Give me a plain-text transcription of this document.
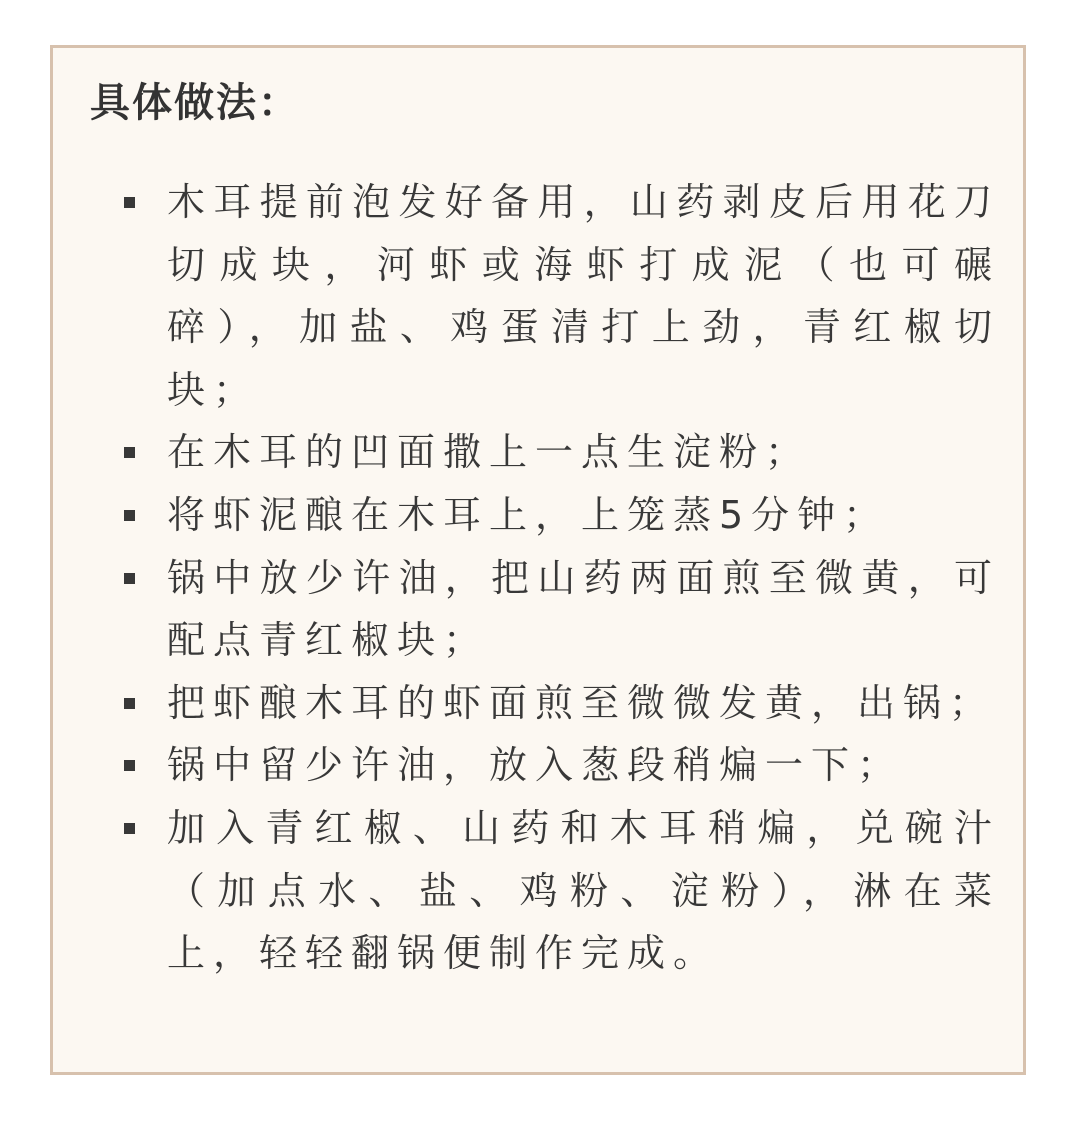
具体做法：
木耳提前泡发好备用，山药剥皮后用花刀切成块，河虾或海虾打成泥（也可碾碎），加盐、鸡蛋清打上劲，青红椒切块；
在木耳的凹面撒上一点生淀粉；
将虾泥酿在木耳上，上笼蒸5分钟；
锅中放少许油，把山药两面煎至微黄，可配点青红椒块；
把虾酿木耳的虾面煎至微微发黄，出锅；
锅中留少许油，放入葱段稍煸一下；
加入青红椒、山药和木耳稍煸，兑碗汁（加点水、盐、鸡粉、淀粉），淋在菜上，轻轻翻锅便制作完成。
